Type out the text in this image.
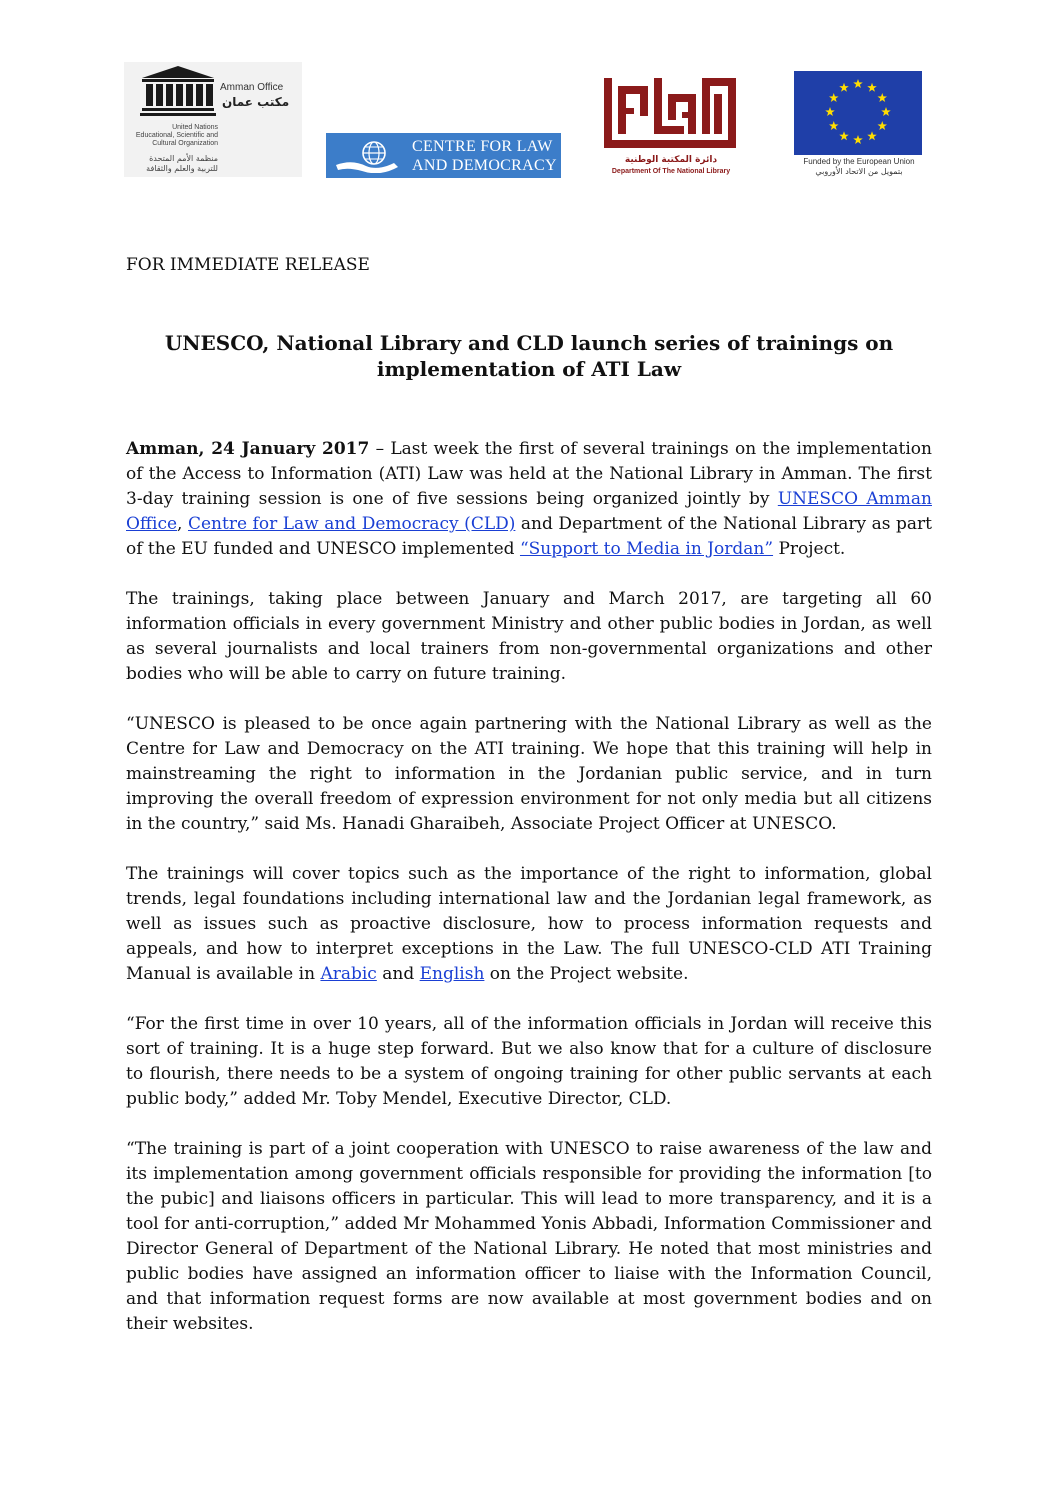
Amman Office
مكتب عمان
United Nations
Educational, Scientific and
Cultural Organization
منظمة الأمم المتحدة
للتربية والعلم والثقافة
CENTRE FOR LAW
AND DEMOCRACY	دائرة المكتبة الوطنية
Department Of The National Library
Funded by the European Union
بتمويل من الاتحاد الأوروبي
FOR IMMEDIATE RELEASE
UNESCO, National Library and CLD launch series of trainings on
implementation of ATI Law

Amman, 24 January 2017 – Last week the first of several trainings on the implementation of the Access to Information (ATI) Law was held at the National Library in Amman. The first 3-day training session is one of five sessions being organized jointly by UNESCO Amman Office, Centre for Law and Democracy (CLD) and Department of the National Library as part of the EU funded and UNESCO implemented “Support to Media in Jordan” Project.

The trainings, taking place between January and March 2017, are targeting all 60 information officials in every government Ministry and other public bodies in Jordan, as well as several journalists and local trainers from non-governmental organizations and other bodies who will be able to carry on future training.

“UNESCO is pleased to be once again partnering with the National Library as well as the Centre for Law and Democracy on the ATI training. We hope that this training will help in mainstreaming the right to information in the Jordanian public service, and in turn improving the overall freedom of expression environment for not only media but all citizens in the country,” said Ms. Hanadi Gharaibeh, Associate Project Officer at UNESCO.

The trainings will cover topics such as the importance of the right to information, global trends, legal foundations including international law and the Jordanian legal framework, as well as issues such as proactive disclosure, how to process information requests and appeals, and how to interpret exceptions in the Law. The full UNESCO-CLD ATI Training Manual is available in Arabic and English on the Project website.

“For the first time in over 10 years, all of the information officials in Jordan will receive this sort of training. It is a huge step forward. But we also know that for a culture of disclosure to flourish, there needs to be a system of ongoing training for other public servants at each public body,” added Mr. Toby Mendel, Executive Director, CLD.

“The training is part of a joint cooperation with UNESCO to raise awareness of the law and its implementation among government officials responsible for providing the information [to the pubic] and liaisons officers in particular. This will lead to more transparency, and it is a tool for anti-corruption,” added Mr Mohammed Yonis Abbadi, Information Commissioner and Director General of Department of the National Library. He noted that most ministries and public bodies have assigned an information officer to liaise with the Information Council, and that information request forms are now available at most government bodies and on their websites.
